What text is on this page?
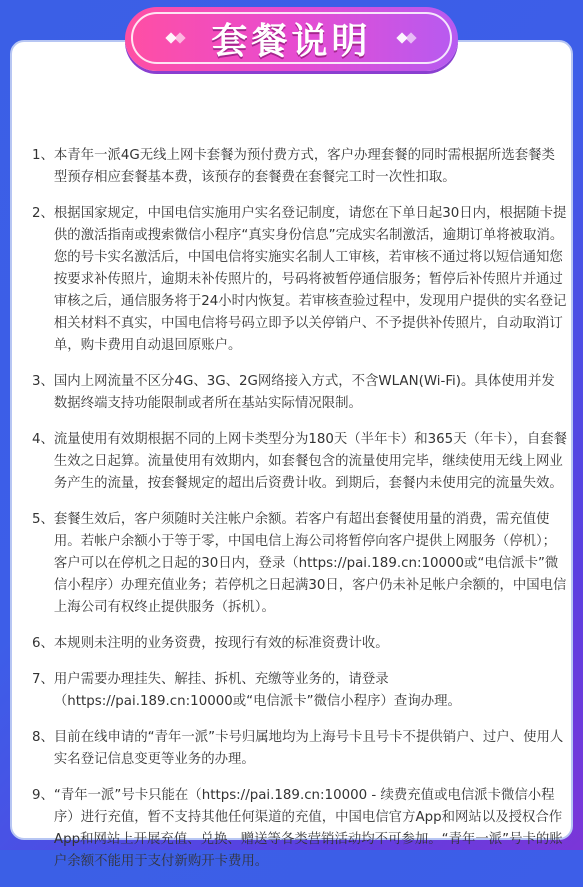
1、 本青年一派4G无线上网卡套餐为预付费方式，客户办理套餐的同时需根据所选套餐类型预存相应套餐基本费，该预存的套餐费在套餐完工时一次性扣取。
2、 根据国家规定，中国电信实施用户实名登记制度，请您在下单日起30日内，根据随卡提供的激活指南或搜索微信小程序“真实身份信息”完成实名制激活，逾期订单将被取消。您的号卡实名激活后，中国电信将实施实名制人工审核，若审核不通过将以短信通知您按要求补传照片，逾期未补传照片的，号码将被暂停通信服务；暂停后补传照片并通过审核之后，通信服务将于24小时内恢复。若审核查验过程中，发现用户提供的实名登记相关材料不真实，中国电信将号码立即予以关停销户、不予提供补传照片，自动取消订单，购卡费用自动退回原账户。
3、 国内上网流量不区分4G、3G、2G网络接入方式，不含WLAN(Wi-Fi)。具体使用并发数据终端支持功能限制或者所在基站实际情况限制。
4、 流量使用有效期根据不同的上网卡类型分为180天（半年卡）和365天（年卡），自套餐生效之日起算。流量使用有效期内，如套餐包含的流量使用完毕，继续使用无线上网业务产生的流量，按套餐规定的超出后资费计收。到期后，套餐内未使用完的流量失效。
5、 套餐生效后，客户须随时关注帐户余额。若客户有超出套餐使用量的消费，需充值使用。若帐户余额小于等于零，中国电信上海公司将暂停向客户提供上网服务（停机）；客户可以在停机之日起的30日内，登录（https://pai.189.cn:10000或“电信派卡”微信小程序）办理充值业务；若停机之日起满30日，客户仍未补足帐户余额的，中国电信上海公司有权终止提供服务（拆机）。
6、 本规则未注明的业务资费，按现行有效的标准资费计收。
7、 用户需要办理挂失、解挂、拆机、充缴等业务的，请登录（https://pai.189.cn:10000或“电信派卡”微信小程序）查询办理。
8、 目前在线申请的“青年一派”卡号归属地均为上海号卡且号卡不提供销户、过户、使用人实名登记信息变更等业务的办理。
9、 “青年一派”号卡只能在（https://pai.189.cn:10000 - 续费充值或电信派卡微信小程序）进行充值，暂不支持其他任何渠道的充值，中国电信官方App和网站以及授权合作App和网站上开展充值、兑换、赠送等各类营销活动均不可参加。“青年一派”号卡的账户余额不能用于支付新购开卡费用。
套餐说明
